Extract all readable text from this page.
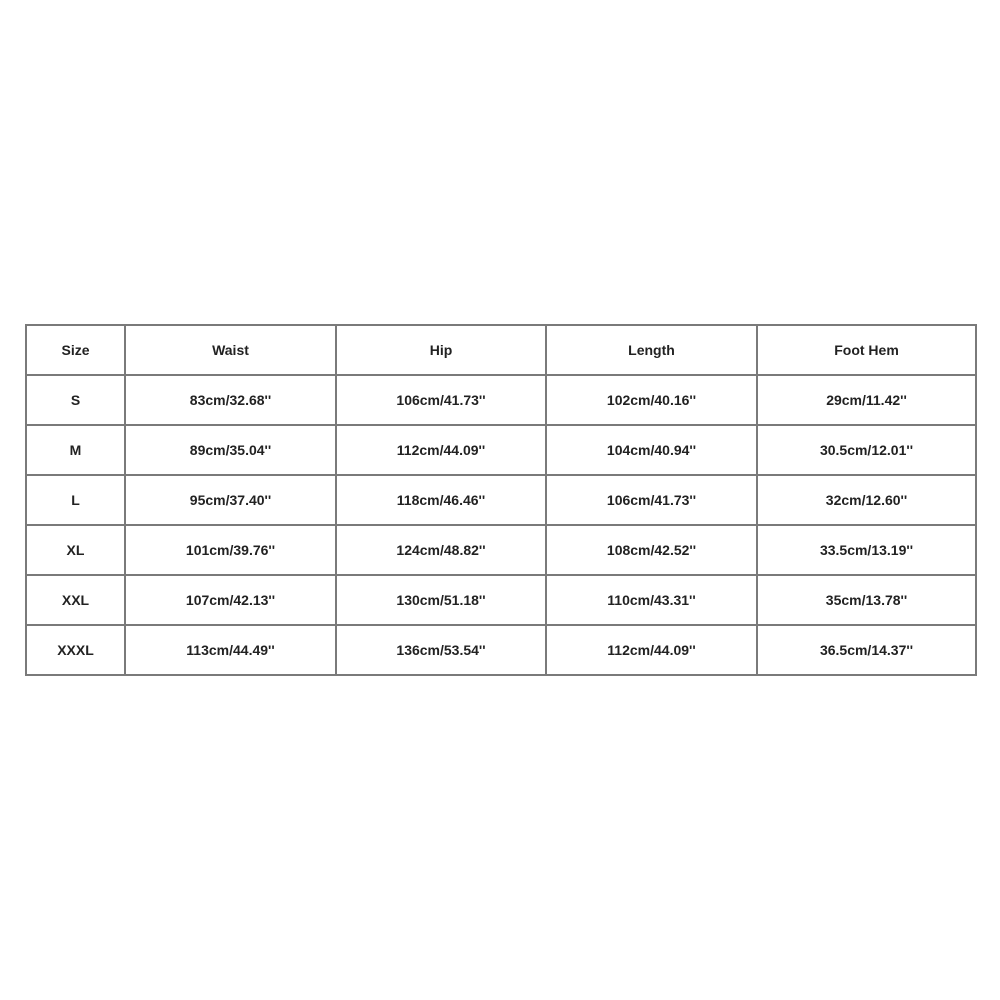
Size	Waist	Hip	Length	Foot Hem
S	83cm/32.68''	106cm/41.73''	102cm/40.16''	29cm/11.42''
M	89cm/35.04''	112cm/44.09''	104cm/40.94''	30.5cm/12.01''
L	95cm/37.40''	118cm/46.46''	106cm/41.73''	32cm/12.60''
XL	101cm/39.76''	124cm/48.82''	108cm/42.52''	33.5cm/13.19''
XXL	107cm/42.13''	130cm/51.18''	110cm/43.31''	35cm/13.78''
XXXL	113cm/44.49''	136cm/53.54''	112cm/44.09''	36.5cm/14.37''
